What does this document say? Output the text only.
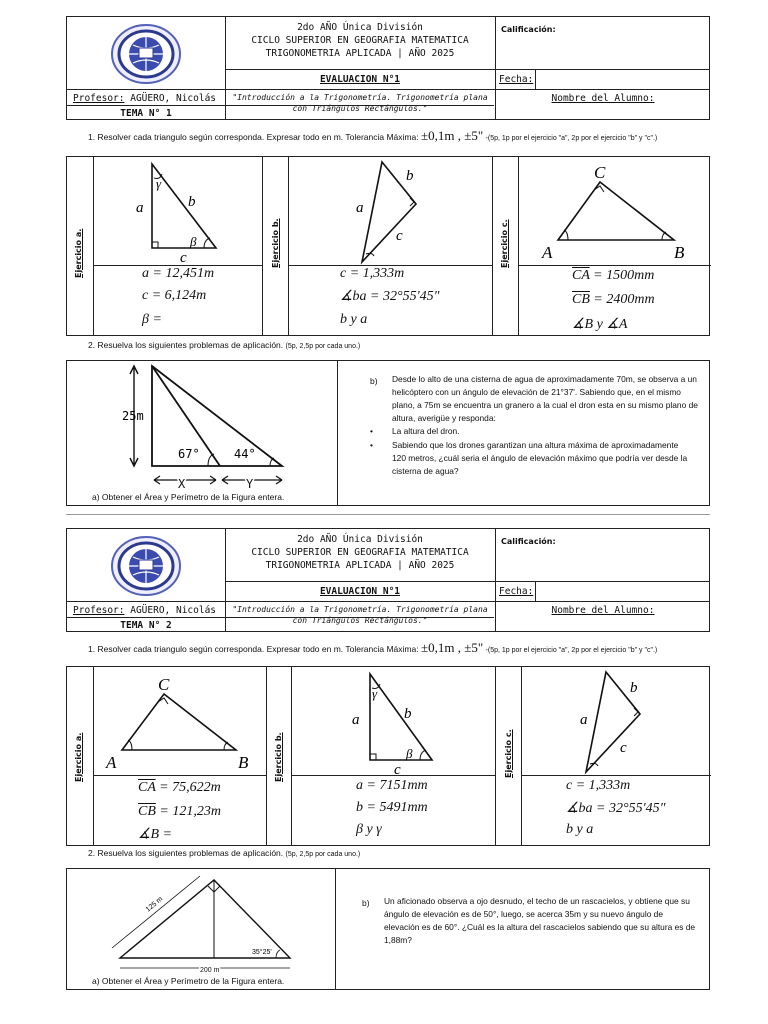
2do AÑO Única División
CICLO SUPERIOR EN GEOGRAFIA MATEMATICA
TRIGONOMETRIA APLICADA | AÑO 2025
Calificación:
EVALUACION N°1	Fecha:
Profesor: AGÜERO, Nicolás
TEMA N° 1
"Introducción a la Trigonometría. Trigonometría plana con Triángulos Rectángulos."
Nombre del Alumno:
1. Resolver cada triangulo según corresponda. Expresar todo en m. Tolerancia Máxima: ±0,1m , ±5" -(5p, 1p por el ejercicio "a", 2p por el ejercicio "b" y "c".)
Ejercicio a.	Ejercicio b.	Ejercicio c.
γ
a	b
β
c
a = 12,451m
c = 6,124m
β =
b
a
c
c = 1,333m
∡ba = 32°55'45"
b y a
C
A	B
$\overline{CA} = 1500mm$
$\overline{CB} = 2400mm$
∡B y ∡A
2. Resuelva los siguientes problemas de aplicación. (5p, 2,5p por cada uno.)
25m
67°	44°
X	Y
a) Obtener el Área y Perímetro de la Figura entera.
b) Desde lo alto de una cisterna de agua de aproximadamente 70m, se observa a un helicóptero con un ángulo de elevación de 21°37'. Sabiendo que, en el mismo plano, a 75m se encuentra un granero a la cual el dron esta en su mismo plano de altura, averigüe y responda:
• La altura del dron.
• Sabiendo que los drones garantizan una altura máxima de aproximadamente 120 metros, ¿cuál seria el ángulo de elevación máximo que podría ver desde la cisterna de agua?
2do AÑO Única División
CICLO SUPERIOR EN GEOGRAFIA MATEMATICA
TRIGONOMETRIA APLICADA | AÑO 2025
Calificación:
EVALUACION N°1	Fecha:
Profesor: AGÜERO, Nicolás
TEMA N° 2
"Introducción a la Trigonometría. Trigonometría plana con Triángulos Rectángulos."
Nombre del Alumno:
1. Resolver cada triangulo según corresponda. Expresar todo en m. Tolerancia Máxima: ±0,1m , ±5" -(5p, 1p por el ejercicio "a", 2p por el ejercicio "b" y "c".)
Ejercicio a.	Ejercicio b.	Ejercicio c.
C
A	B
$\overline{CA} = 75,622m$
$\overline{CB} = 121,23m$
∡B =
γ
a	b
β
c
a = 7151mm
b = 5491mm
β y γ
b
a
c
c = 1,333m
∡ba = 32°55'45"
b y a
2. Resuelva los siguientes problemas de aplicación. (5p, 2,5p por cada uno.)
125 m
35°25'
200 m
a) Obtener el Área y Perímetro de la Figura entera.
b) Un aficionado observa a ojo desnudo, el techo de un rascacielos, y obtiene que su ángulo de elevación es de 50°, luego, se acerca 35m y su nuevo ángulo de elevación es de 60°. ¿Cuál es la altura del rascacielos sabiendo que su altura es de 1,88m?
